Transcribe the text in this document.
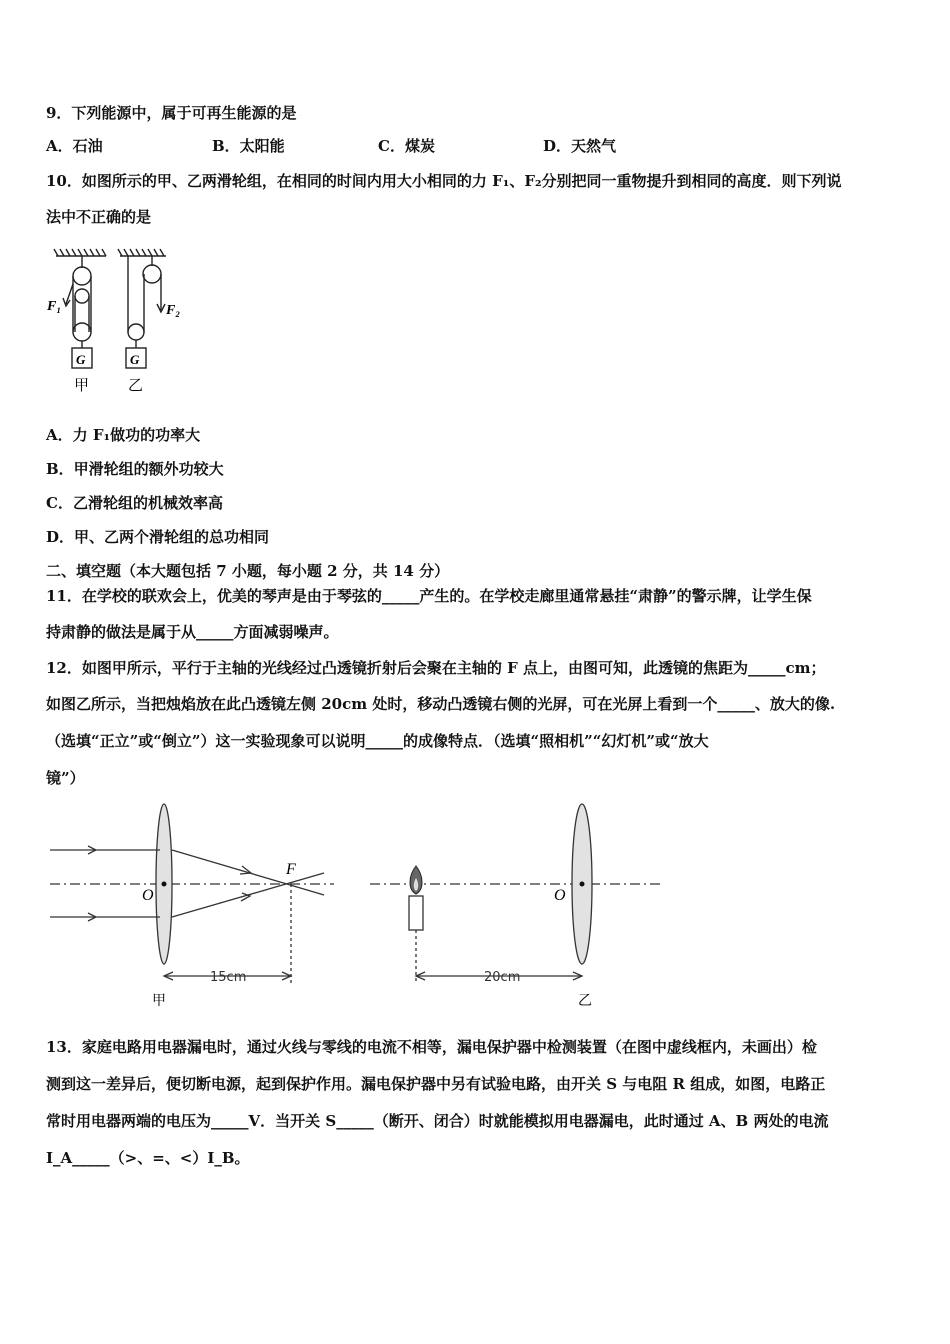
9．下列能源中，属于可再生能源的是
A．石油	B．太阳能	C．煤炭	D．天然气
10．如图所示的甲、乙两滑轮组，在相同的时间内用大小相同的力 F₁、F₂分别把同一重物提升到相同的高度．则下列说
法中不正确的是
F₁	F₂
G	G
甲	乙
A．力 F₁做功的功率大
B．甲滑轮组的额外功较大
C．乙滑轮组的机械效率高
D．甲、乙两个滑轮组的总功相同
二、填空题（本大题包括 7 小题，每小题 2 分，共 14 分）
11．在学校的联欢会上，优美的琴声是由于琴弦的_____产生的。在学校走廊里通常悬挂“肃静”的警示牌，让学生保
持肃静的做法是属于从_____方面减弱噪声。
12．如图甲所示，平行于主轴的光线经过凸透镜折射后会聚在主轴的 F 点上，由图可知，此透镜的焦距为_____cm；
如图乙所示，当把烛焰放在此凸透镜左侧 20cm 处时，移动凸透镜右侧的光屏，可在光屏上看到一个_____、放大的像.
（选填“正立”或“倒立”）这一实验现象可以说明_____的成像特点．（选填“照相机”“幻灯机”或“放大
镜”）
O
F
15cm
甲
O
20cm
乙
13．家庭电路用电器漏电时，通过火线与零线的电流不相等，漏电保护器中检测装置（在图中虚线框内，未画出）检
测到这一差异后，便切断电源，起到保护作用。漏电保护器中另有试验电路，由开关 S 与电阻 R 组成，如图，电路正
常时用电器两端的电压为_____V．当开关 S_____（断开、闭合）时就能模拟用电器漏电，此时通过 A、B 两处的电流
I_A_____（>、=、<）I_B。
